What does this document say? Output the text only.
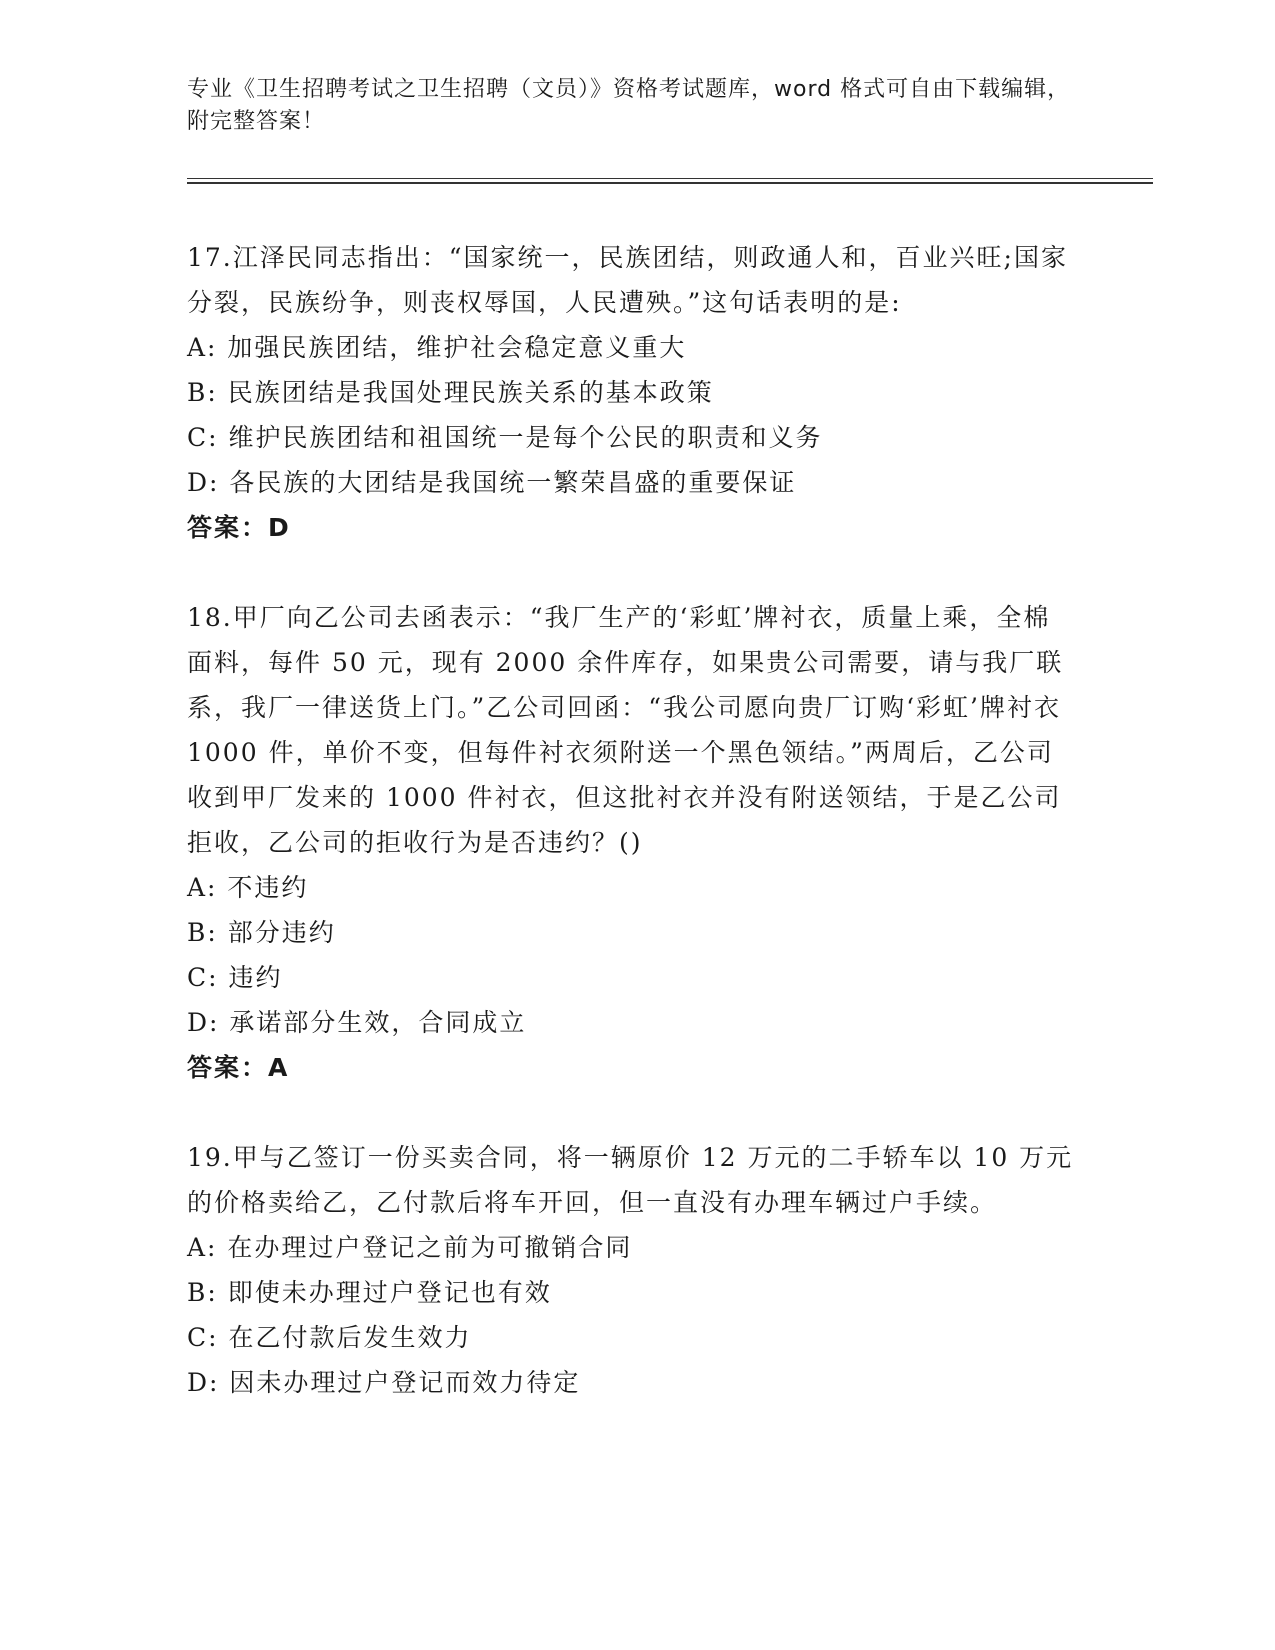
专业《卫生招聘考试之卫生招聘（文员）》资格考试题库，word 格式可自由下载编辑，附完整答案！

17.江泽民同志指出：“国家统一，民族团结，则政通人和，百业兴旺;国家分裂，民族纷争，则丧权辱国，人民遭殃。”这句话表明的是:

A: 加强民族团结，维护社会稳定意义重大

B: 民族团结是我国处理民族关系的基本政策

C: 维护民族团结和祖国统一是每个公民的职责和义务

D: 各民族的大团结是我国统一繁荣昌盛的重要保证

答案：D

18.甲厂向乙公司去函表示：“我厂生产的‘彩虹’牌衬衣，质量上乘，全棉面料，每件 50 元，现有 2000 余件库存，如果贵公司需要，请与我厂联系，我厂一律送货上门。”乙公司回函：“我公司愿向贵厂订购‘彩虹’牌衬衣 1000 件，单价不变，但每件衬衣须附送一个黑色领结。”两周后，乙公司收到甲厂发来的 1000 件衬衣，但这批衬衣并没有附送领结，于是乙公司拒收，乙公司的拒收行为是否违约？()

A: 不违约

B: 部分违约

C: 违约

D: 承诺部分生效，合同成立

答案：A

19.甲与乙签订一份买卖合同，将一辆原价 12 万元的二手轿车以 10 万元的价格卖给乙，乙付款后将车开回，但一直没有办理车辆过户手续。

A: 在办理过户登记之前为可撤销合同

B: 即使未办理过户登记也有效

C: 在乙付款后发生效力

D: 因未办理过户登记而效力待定
